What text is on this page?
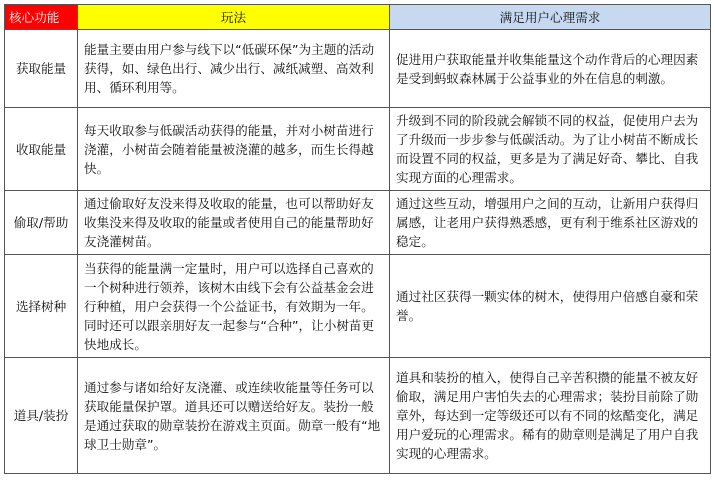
核心功能	玩法	满足用户心理需求
获取能量	能量主要由用户参与线下以“低碳环保”为主题的活动获得，如、绿色出行、减少出行、减纸减塑、高效利用、循环利用等。	促进用户获取能量并收集能量这个动作背后的心理因素是受到蚂蚁森林属于公益事业的外在信息的刺激。
收取能量	每天收取参与低碳活动获得的能量，并对小树苗进行浇灌，小树苗会随着能量被浇灌的越多，而生长得越快。	升级到不同的阶段就会解锁不同的权益，促使用户去为了升级而一步步参与低碳活动。为了让小树苗不断成长而设置不同的权益，更多是为了满足好奇、攀比、自我实现方面的心理需求。
偷取/帮助	通过偷取好友没来得及收取的能量，也可以帮助好友收集没来得及收取的能量或者使用自己的能量帮助好友浇灌树苗。	通过这些互动，增强用户之间的互动，让新用户获得归属感，让老用户获得熟悉感，更有利于维系社区游戏的稳定。
选择树种	当获得的能量满一定量时，用户可以选择自己喜欢的一个树种进行领养，该树木由线下会有公益基金会进行种植，用户会获得一个公益证书，有效期为一年。同时还可以跟亲朋好友一起参与“合种”，让小树苗更快地成长。	通过社区获得一颗实体的树木，使得用户倍感自豪和荣誉。
道具/装扮	通过参与诸如给好友浇灌、或连续收能量等任务可以获取能量保护罩。道具还可以赠送给好友。装扮一般是通过获取的勋章装扮在游戏主页面。勋章一般有“地球卫士勋章”。	道具和装扮的植入，使得自己辛苦积攒的能量不被友好偷取，满足用户害怕失去的心理需求；装扮目前除了勋章外，每达到一定等级还可以有不同的炫酷变化，满足用户爱玩的心理需求。稀有的勋章则是满足了用户自我实现的心理需求。
